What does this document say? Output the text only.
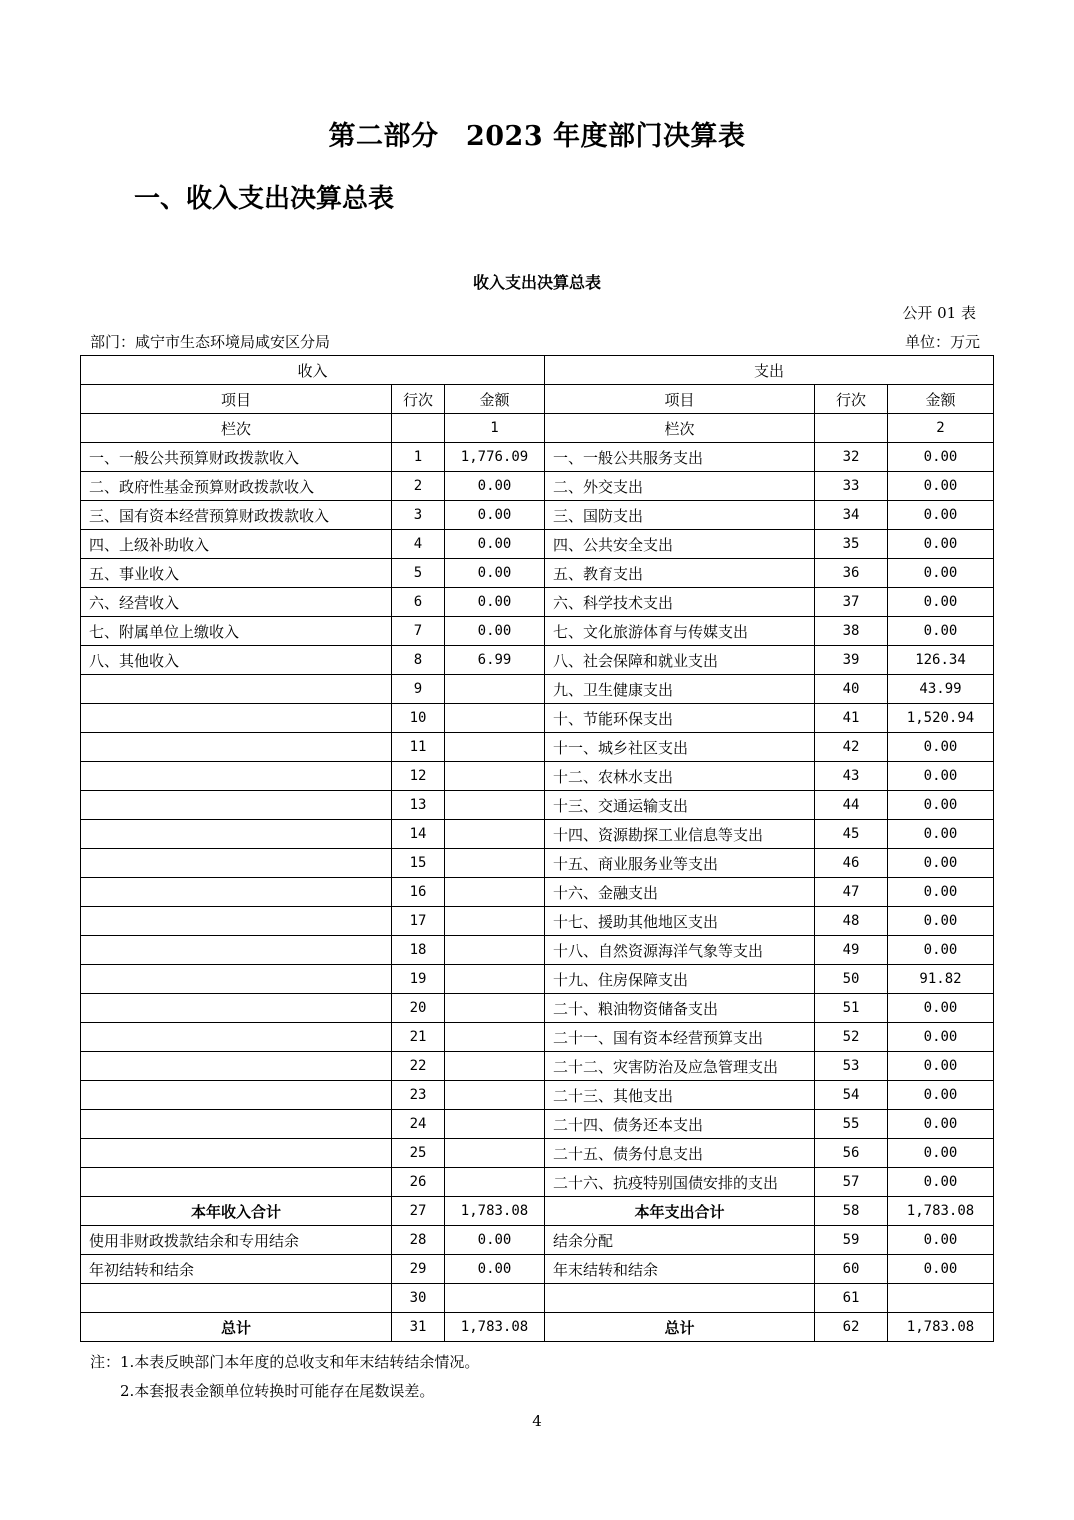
第二部分　2023 年度部门决算表
一、收入支出决算总表
收入支出决算总表
公开 01 表
部门：咸宁市生态环境局咸安区分局	单位：万元
收入			支出		
项目	行次	金额	项目	行次	金额
栏次		1	栏次		2
一、一般公共预算财政拨款收入	1	1,776.09	一、一般公共服务支出	32	0.00
二、政府性基金预算财政拨款收入	2	0.00	二、外交支出	33	0.00
三、国有资本经营预算财政拨款收入	3	0.00	三、国防支出	34	0.00
四、上级补助收入	4	0.00	四、公共安全支出	35	0.00
五、事业收入	5	0.00	五、教育支出	36	0.00
六、经营收入	6	0.00	六、科学技术支出	37	0.00
七、附属单位上缴收入	7	0.00	七、文化旅游体育与传媒支出	38	0.00
八、其他收入	8	6.99	八、社会保障和就业支出	39	126.34
	9		九、卫生健康支出	40	43.99
	10		十、节能环保支出	41	1,520.94
	11		十一、城乡社区支出	42	0.00
	12		十二、农林水支出	43	0.00
	13		十三、交通运输支出	44	0.00
	14		十四、资源勘探工业信息等支出	45	0.00
	15		十五、商业服务业等支出	46	0.00
	16		十六、金融支出	47	0.00
	17		十七、援助其他地区支出	48	0.00
	18		十八、自然资源海洋气象等支出	49	0.00
	19		十九、住房保障支出	50	91.82
	20		二十、粮油物资储备支出	51	0.00
	21		二十一、国有资本经营预算支出	52	0.00
	22		二十二、灾害防治及应急管理支出	53	0.00
	23		二十三、其他支出	54	0.00
	24		二十四、债务还本支出	55	0.00
	25		二十五、债务付息支出	56	0.00
	26		二十六、抗疫特别国债安排的支出	57	0.00
本年收入合计	27	1,783.08	本年支出合计	58	1,783.08
使用非财政拨款结余和专用结余	28	0.00	结余分配	59	0.00
年初结转和结余	29	0.00	年末结转和结余	60	0.00
	30			61	
总计	31	1,783.08	总计	62	1,783.08
注：1.本表反映部门本年度的总收支和年末结转结余情况。
2.本套报表金额单位转换时可能存在尾数误差。
4
